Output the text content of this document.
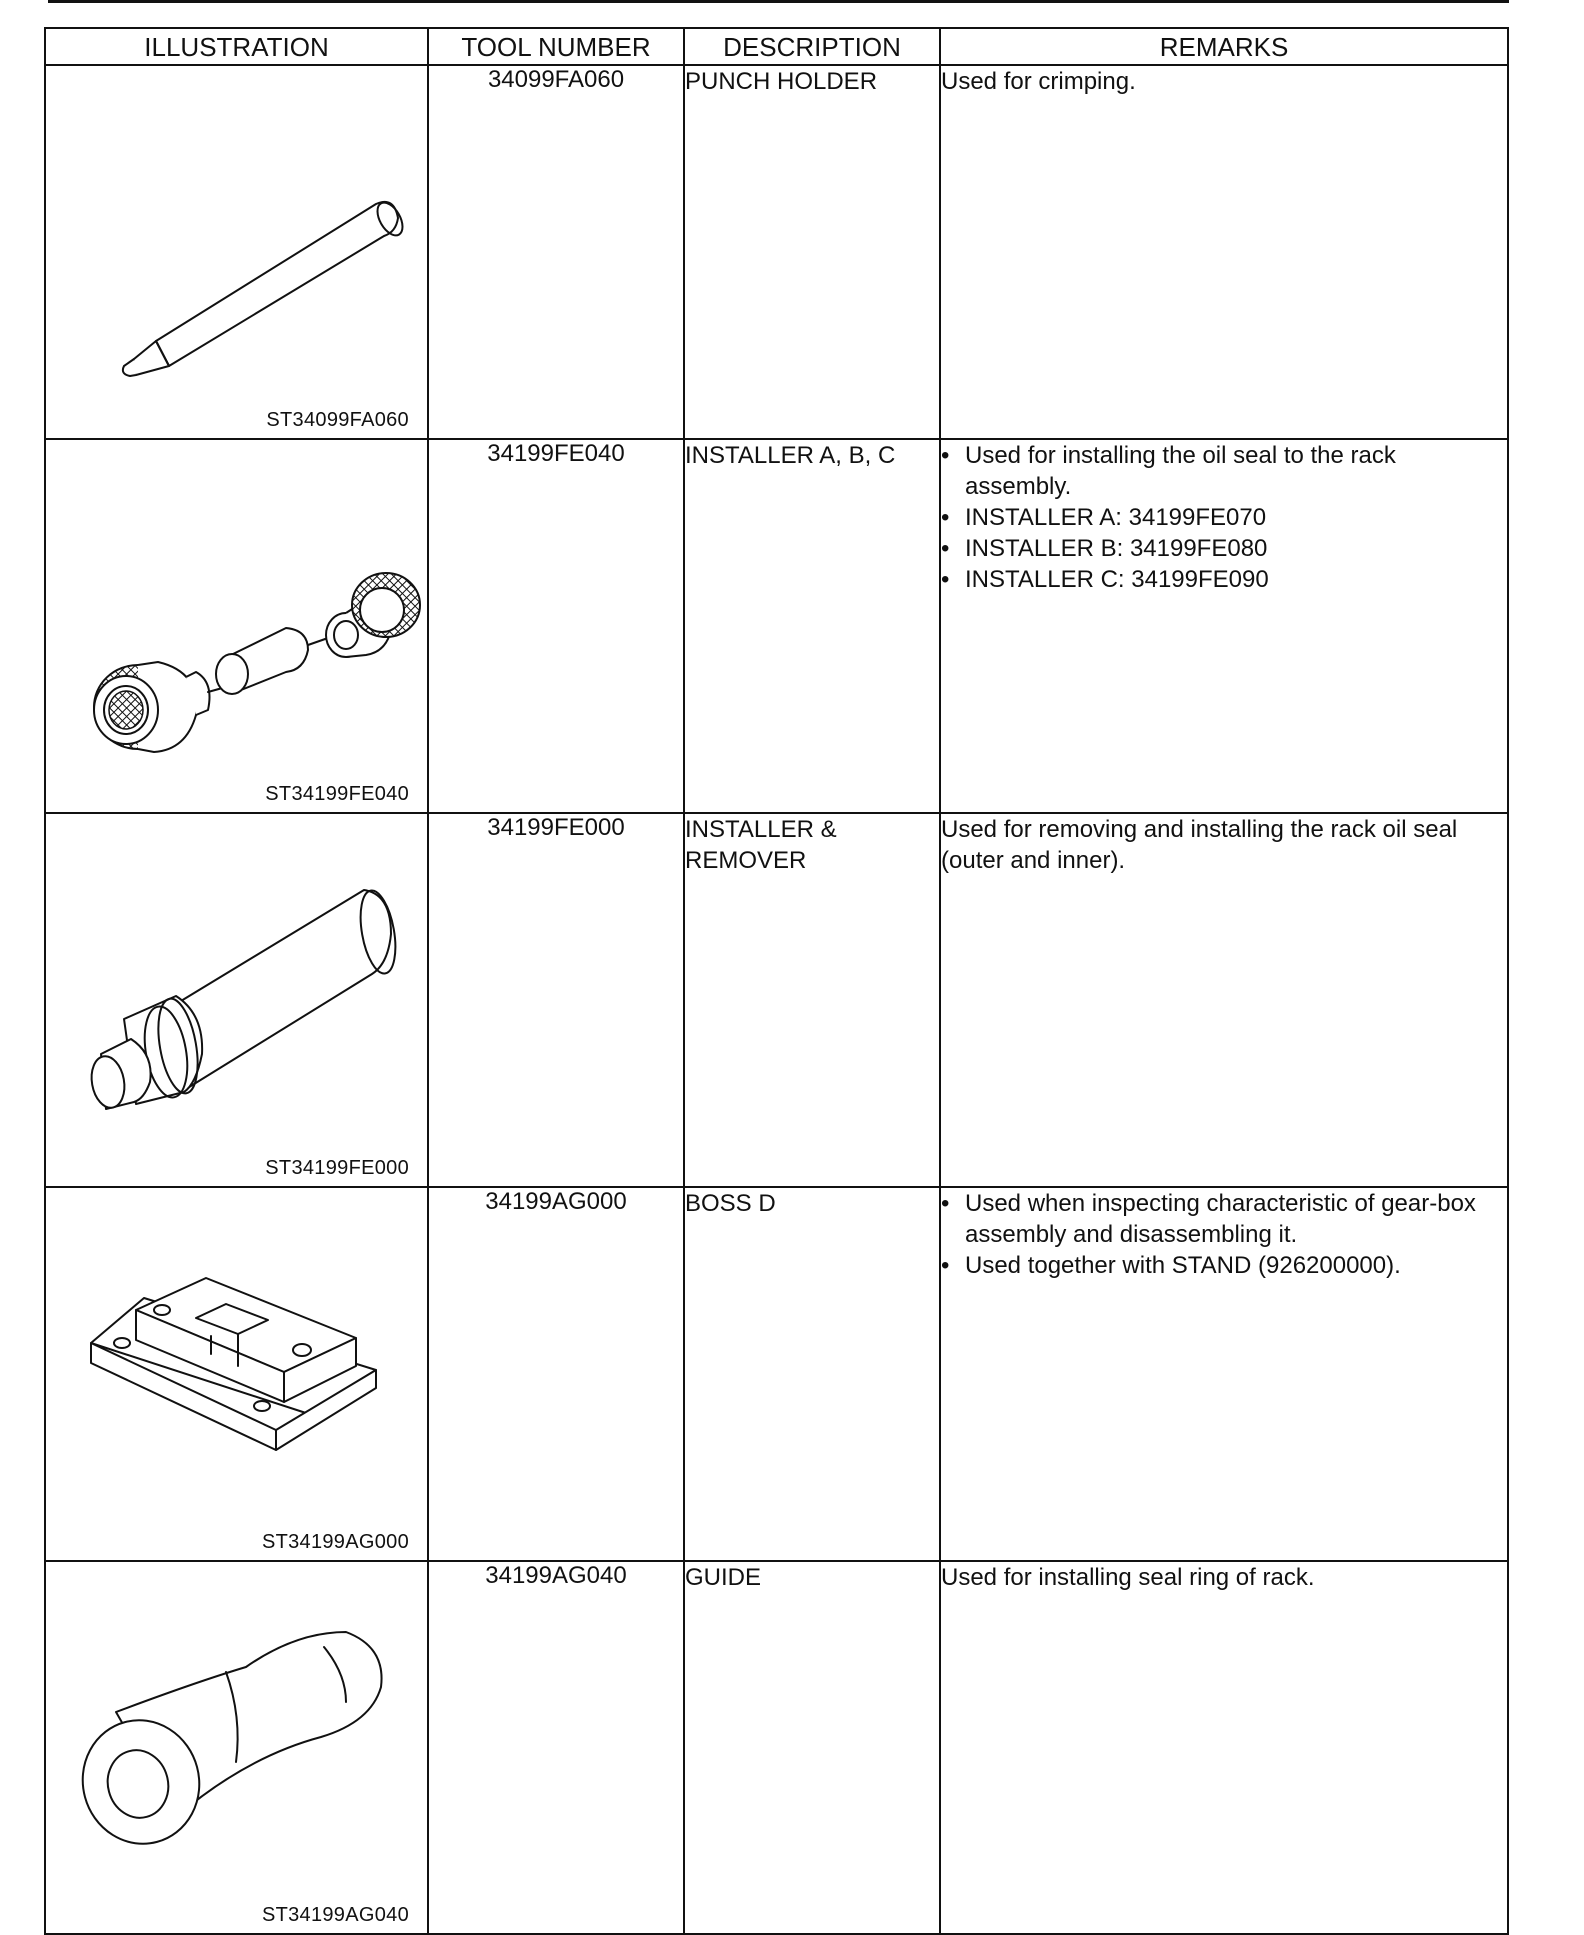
ILLUSTRATION	TOOL NUMBER	DESCRIPTION	REMARKS

ST34099FA060	34099FA060	PUNCH HOLDER	Used for crimping.

ST34199FE040	34199FE040	INSTALLER A, B, C	• Used for installing the oil seal to the rack assembly.
• INSTALLER A: 34199FE070
• INSTALLER B: 34199FE080
• INSTALLER C: 34199FE090

ST34199FE000	34199FE000	INSTALLER & REMOVER	Used for removing and installing the rack oil seal (outer and inner).

ST34199AG000	34199AG000	BOSS D	• Used when inspecting characteristic of gear-box assembly and disassembling it.
• Used together with STAND (926200000).

ST34199AG040	34199AG040	GUIDE	Used for installing seal ring of rack.
